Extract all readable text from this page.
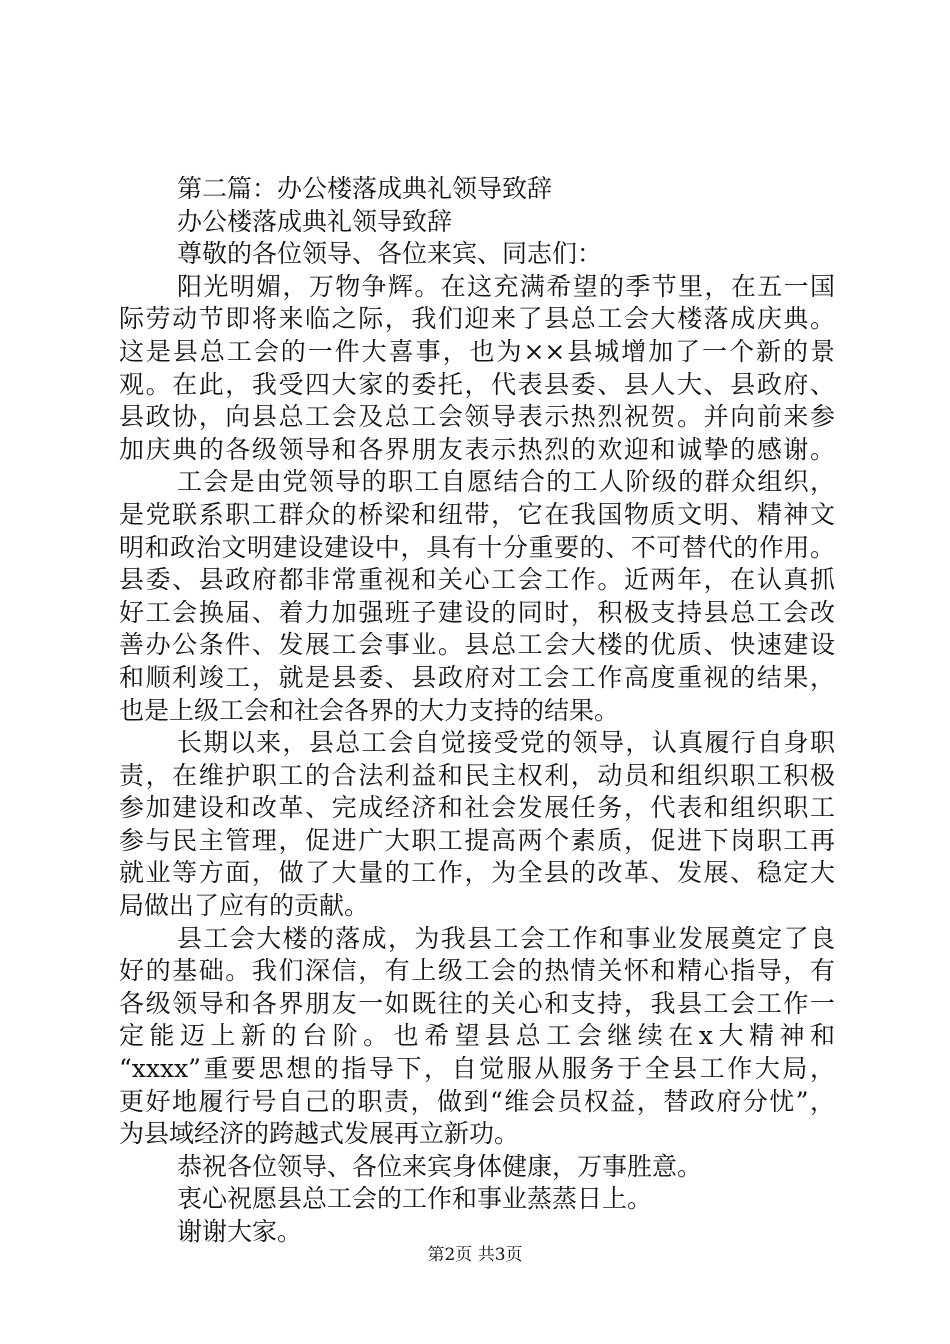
第二篇：办公楼落成典礼领导致辞
办公楼落成典礼领导致辞
尊敬的各位领导、各位来宾、同志们：
阳光明媚，万物争辉。在这充满希望的季节里，在五一国
际劳动节即将来临之际，我们迎来了县总工会大楼落成庆典。
这是县总工会的一件大喜事，也为××县城增加了一个新的景
观。在此，我受四大家的委托，代表县委、县人大、县政府、
县政协，向县总工会及总工会领导表示热烈祝贺。并向前来参
加庆典的各级领导和各界朋友表示热烈的欢迎和诚挚的感谢。
工会是由党领导的职工自愿结合的工人阶级的群众组织，
是党联系职工群众的桥梁和纽带，它在我国物质文明、精神文
明和政治文明建设建设中，具有十分重要的、不可替代的作用。
县委、县政府都非常重视和关心工会工作。近两年，在认真抓
好工会换届、着力加强班子建设的同时，积极支持县总工会改
善办公条件、发展工会事业。县总工会大楼的优质、快速建设
和顺利竣工，就是县委、县政府对工会工作高度重视的结果，
也是上级工会和社会各界的大力支持的结果。
长期以来，县总工会自觉接受党的领导，认真履行自身职
责，在维护职工的合法利益和民主权利，动员和组织职工积极
参加建设和改革、完成经济和社会发展任务，代表和组织职工
参与民主管理，促进广大职工提高两个素质，促进下岗职工再
就业等方面，做了大量的工作，为全县的改革、发展、稳定大
局做出了应有的贡献。
县工会大楼的落成，为我县工会工作和事业发展奠定了良
好的基础。我们深信，有上级工会的热情关怀和精心指导，有
各级领导和各界朋友一如既往的关心和支持，我县工会工作一
定能迈上新的台阶。也希望县总工会继续在x大精神和
“xxxx”重要思想的指导下，自觉服从服务于全县工作大局，
更好地履行号自己的职责，做到“维会员权益，替政府分忧”，
为县域经济的跨越式发展再立新功。
恭祝各位领导、各位来宾身体健康，万事胜意。
衷心祝愿县总工会的工作和事业蒸蒸日上。
谢谢大家。
第2页 共3页
